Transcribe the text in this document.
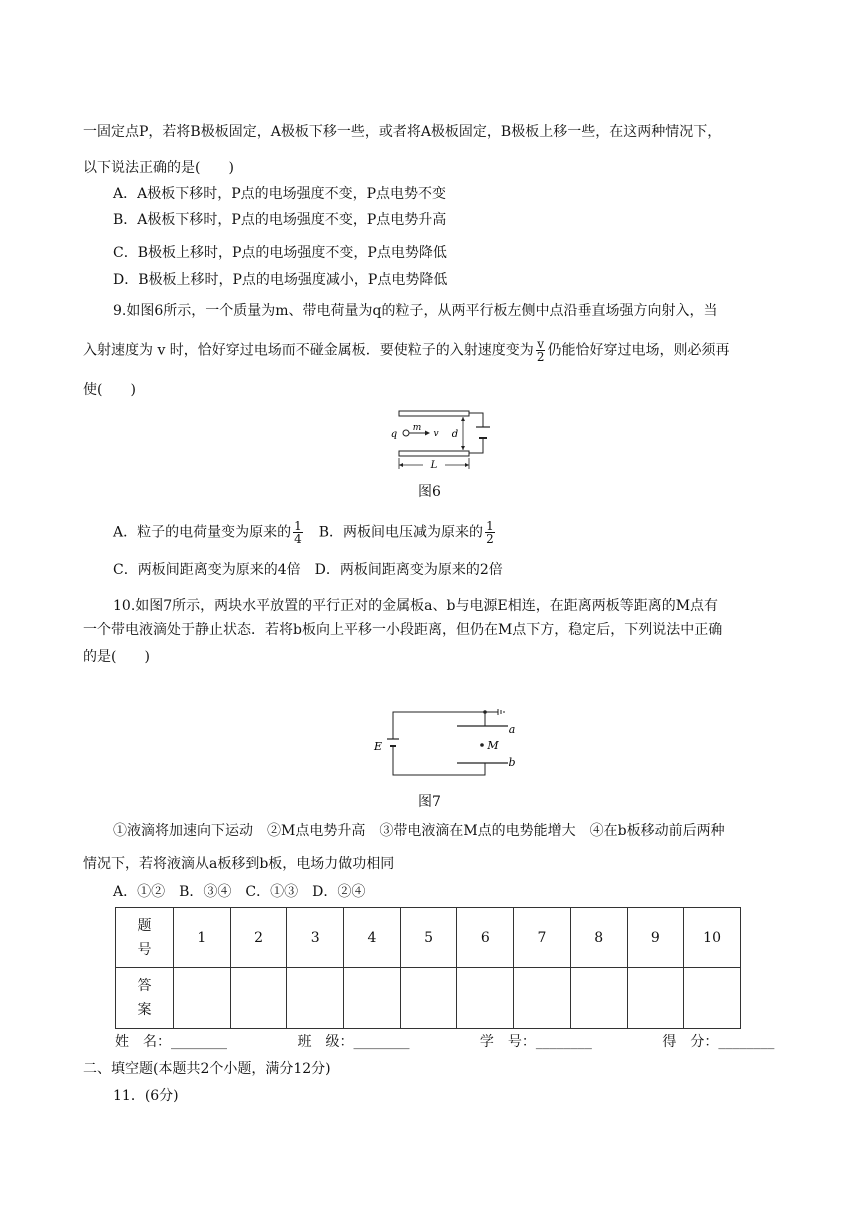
一固定点P，若将B极板固定，A极板下移一些，或者将A极板固定，B极板上移一些，在这两种情况下，
以下说法正确的是(　　)
A．A极板下移时，P点的电场强度不变，P点电势不变
B．A极板下移时，P点的电场强度不变，P点电势升高
C．B极板上移时，P点的电场强度不变，P点电势降低
D．B极板上移时，P点的电场强度减小，P点电势降低
9.如图6所示，一个质量为m、带电荷量为q的粒子，从两平行板左侧中点沿垂直场强方向射入，当
入射速度为 v 时，恰好穿过电场而不碰金属板．要使粒子的入射速度变为 $\frac{v}{2}$ 仍能恰好穿过电场，则必须再
使(　　)
q
m
v d
L
图6
A．粒子的电荷量变为原来的 $\frac{1}{4}$ B．两板间电压减为原来的 $\frac{1}{2}$
C．两板间距离变为原来的4倍　D．两板间距离变为原来的2倍
10.如图7所示，两块水平放置的平行正对的金属板a、b与电源E相连，在距离两板等距离的M点有
一个带电液滴处于静止状态．若将b板向上平移一小段距离，但仍在M点下方，稳定后，下列说法中正确
的是(　　)
E
a
b
M
图7
①液滴将加速向下运动　②M点电势升高　③带电液滴在M点的电势能增大　④在b板移动前后两种
情况下，若将液滴从a板移到b板，电场力做功相同
A．①②　B．③④　C．①③　D．②④
题
号	1	2	3	4	5	6	7	8	9	10

答
案										

姓　名：________	班　级：________	学　号：________	得　分：________
二、填空题(本题共2个小题，满分12分)
11．(6分)
